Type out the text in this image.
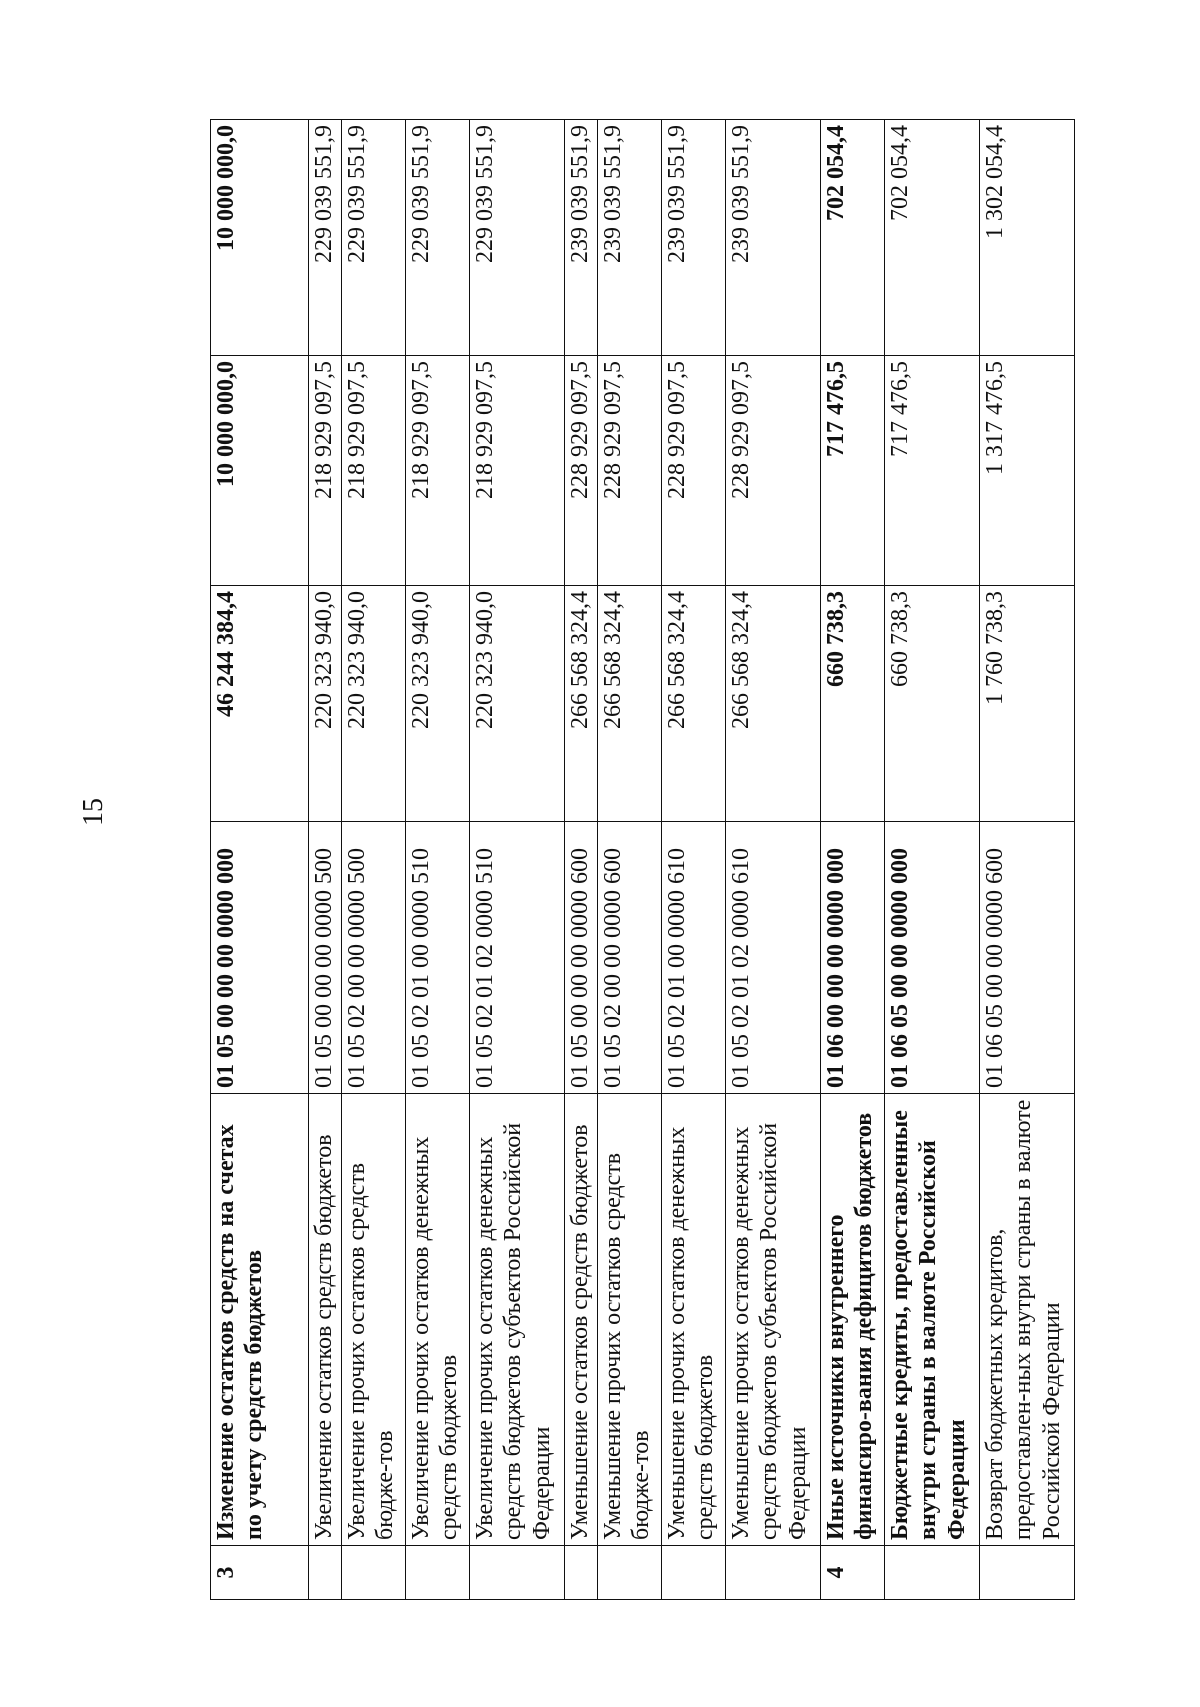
15
3	Изменение остатков средств на счетах по учету средств бюджетов	01 05 00 00 00 0000 000	46 244 384,4	10 000 000,0	10 000 000,0
	Увеличение остатков средств бюджетов	01 05 00 00 00 0000 500	220 323 940,0	218 929 097,5	229 039 551,9
	Увеличение прочих остатков средств бюдже-тов	01 05 02 00 00 0000 500	220 323 940,0	218 929 097,5	229 039 551,9
	Увеличение прочих остатков денежных средств бюджетов	01 05 02 01 00 0000 510	220 323 940,0	218 929 097,5	229 039 551,9
	Увеличение прочих остатков денежных средств бюджетов субъектов Российской Федерации	01 05 02 01 02 0000 510	220 323 940,0	218 929 097,5	229 039 551,9
	Уменьшение остатков средств бюджетов	01 05 00 00 00 0000 600	266 568 324,4	228 929 097,5	239 039 551,9
	Уменьшение прочих остатков средств бюдже-тов	01 05 02 00 00 0000 600	266 568 324,4	228 929 097,5	239 039 551,9
	Уменьшение прочих остатков денежных средств бюджетов	01 05 02 01 00 0000 610	266 568 324,4	228 929 097,5	239 039 551,9
	Уменьшение прочих остатков денежных средств бюджетов субъектов Российской Федерации	01 05 02 01 02 0000 610	266 568 324,4	228 929 097,5	239 039 551,9
4	Иные источники внутреннего финансиро-вания дефицитов бюджетов	01 06 00 00 00 0000 000	660 738,3	717 476,5	702 054,4
	Бюджетные кредиты, предоставленные внутри страны в валюте Российской Федерации	01 06 05 00 00 0000 000	660 738,3	717 476,5	702 054,4
	Возврат бюджетных кредитов, предоставлен-ных внутри страны в валюте Российской Федерации	01 06 05 00 00 0000 600	1 760 738,3	1 317 476,5	1 302 054,4
